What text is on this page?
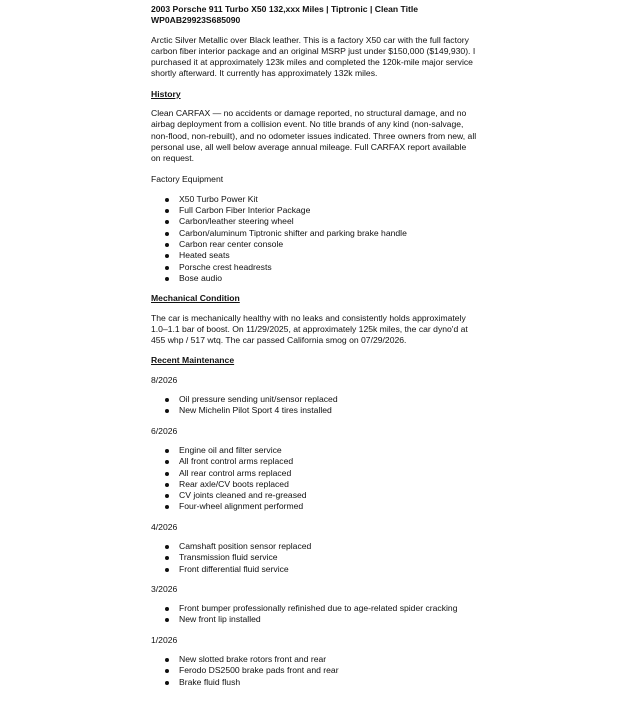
2003 Porsche 911 Turbo X50 132,xxx Miles | Tiptronic | Clean Title
WP0AB29923S685090

Arctic Silver Metallic over Black leather. This is a factory X50 car with the full factory carbon fiber interior package and an original MSRP just under $150,000 ($149,930). I purchased it at approximately 123k miles and completed the 120k-mile major service shortly afterward. It currently has approximately 132k miles.

History

Clean CARFAX — no accidents or damage reported, no structural damage, and no airbag deployment from a collision event. No title brands of any kind (non-salvage, non-flood, non-rebuilt), and no odometer issues indicated. Three owners from new, all personal use, all well below average annual mileage. Full CARFAX report available on request.

Factory Equipment
X50 Turbo Power Kit
Full Carbon Fiber Interior Package
Carbon/leather steering wheel
Carbon/aluminum Tiptronic shifter and parking brake handle
Carbon rear center console
Heated seats
Porsche crest headrests
Bose audio
Mechanical Condition

The car is mechanically healthy with no leaks and consistently holds approximately 1.0–1.1 bar of boost. On 11/29/2025, at approximately 125k miles, the car dyno'd at 455 whp / 517 wtq. The car passed California smog on 07/29/2026.

Recent Maintenance
8/2026
Oil pressure sending unit/sensor replaced
New Michelin Pilot Sport 4 tires installed
6/2026
Engine oil and filter service
All front control arms replaced
All rear control arms replaced
Rear axle/CV boots replaced
CV joints cleaned and re-greased
Four-wheel alignment performed
4/2026
Camshaft position sensor replaced
Transmission fluid service
Front differential fluid service
3/2026
Front bumper professionally refinished due to age-related spider cracking
New front lip installed
1/2026
New slotted brake rotors front and rear
Ferodo DS2500 brake pads front and rear
Brake fluid flush
